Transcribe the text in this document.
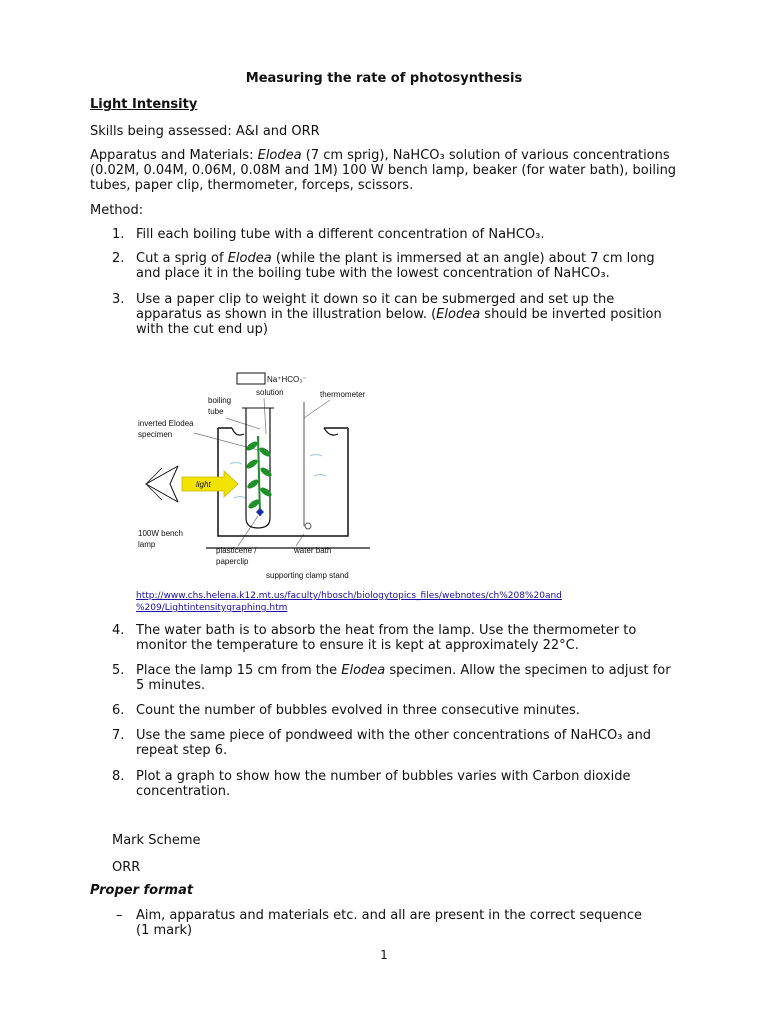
Measuring the rate of photosynthesis
Light Intensity
Skills being assessed: A&I and ORR
Apparatus and Materials: Elodea (7 cm sprig), NaHCO₃ solution of various concentrations (0.02M, 0.04M, 0.06M, 0.08M and 1M) 100 W bench lamp, beaker (for water bath), boiling tubes, paper clip, thermometer, forceps, scissors.
Method:
1. Fill each boiling tube with a different concentration of NaHCO₃.
2. Cut a sprig of Elodea (while the plant is immersed at an angle) about 7 cm long and place it in the boiling tube with the lowest concentration of NaHCO₃.
3. Use a paper clip to weight it down so it can be submerged and set up the apparatus as shown in the illustration below. (Elodea should be inverted position with the cut end up)
Na⁺HCO₃⁻
solution
boiling
tube
thermometer
inverted Elodea
specimen
100W bench
lamp
plasticene /
paperclip
water bath
supporting clamp stand
light
http://www.chs.helena.k12.mt.us/faculty/hbosch/biologytopics_files/webnotes/ch%208%20and
%209/Lightintensitygraphing.htm
4. The water bath is to absorb the heat from the lamp. Use the thermometer to monitor the temperature to ensure it is kept at approximately 22°C.
5. Place the lamp 15 cm from the Elodea specimen. Allow the specimen to adjust for 5 minutes.
6. Count the number of bubbles evolved in three consecutive minutes.
7. Use the same piece of pondweed with the other concentrations of NaHCO₃ and repeat step 6.
8. Plot a graph to show how the number of bubbles varies with Carbon dioxide concentration.
Mark Scheme
ORR
Proper format
– Aim, apparatus and materials etc. and all are present in the correct sequence (1 mark)
1
